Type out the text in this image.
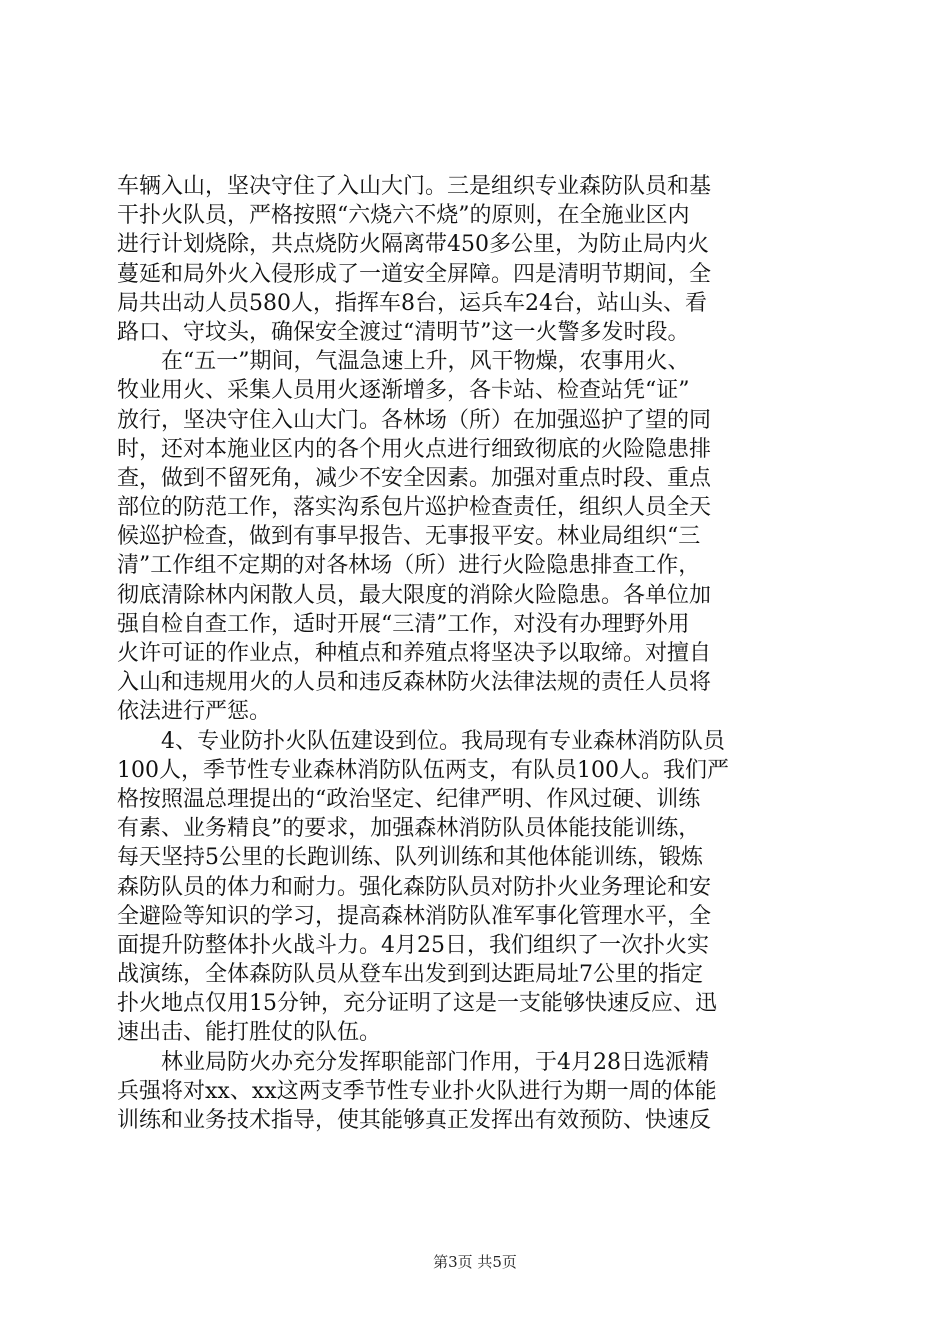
车辆入山，坚决守住了入山大门。三是组织专业森防队员和基
干扑火队员，严格按照“六烧六不烧”的原则，在全施业区内
进行计划烧除，共点烧防火隔离带450多公里，为防止局内火
蔓延和局外火入侵形成了一道安全屏障。四是清明节期间，全
局共出动人员580人，指挥车8台，运兵车24台，站山头、看
路口、守坟头，确保安全渡过“清明节”这一火警多发时段。
　　在“五一”期间，气温急速上升，风干物燥，农事用火、
牧业用火、采集人员用火逐渐增多，各卡站、检查站凭“证”
放行，坚决守住入山大门。各林场（所）在加强巡护了望的同
时，还对本施业区内的各个用火点进行细致彻底的火险隐患排
查，做到不留死角，减少不安全因素。加强对重点时段、重点
部位的防范工作，落实沟系包片巡护检查责任，组织人员全天
候巡护检查，做到有事早报告、无事报平安。林业局组织“三
清”工作组不定期的对各林场（所）进行火险隐患排查工作，
彻底清除林内闲散人员，最大限度的消除火险隐患。各单位加
强自检自查工作，适时开展“三清”工作，对没有办理野外用
火许可证的作业点，种植点和养殖点将坚决予以取缔。对擅自
入山和违规用火的人员和违反森林防火法律法规的责任人员将
依法进行严惩。
　　4、专业防扑火队伍建设到位。我局现有专业森林消防队员
100人，季节性专业森林消防队伍两支，有队员100人。我们严
格按照温总理提出的“政治坚定、纪律严明、作风过硬、训练
有素、业务精良”的要求，加强森林消防队员体能技能训练，
每天坚持5公里的长跑训练、队列训练和其他体能训练，锻炼
森防队员的体力和耐力。强化森防队员对防扑火业务理论和安
全避险等知识的学习，提高森林消防队准军事化管理水平，全
面提升防整体扑火战斗力。4月25日，我们组织了一次扑火实
战演练，全体森防队员从登车出发到到达距局址7公里的指定
扑火地点仅用15分钟，充分证明了这是一支能够快速反应、迅
速出击、能打胜仗的队伍。
　　林业局防火办充分发挥职能部门作用，于4月28日选派精
兵强将对xx、xx这两支季节性专业扑火队进行为期一周的体能
训练和业务技术指导，使其能够真正发挥出有效预防、快速反
第3页 共5页
